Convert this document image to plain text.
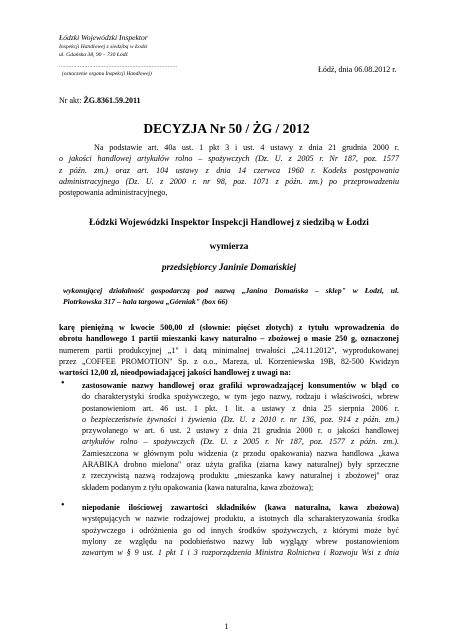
Łódzki Wojewódzki Inspektor
Inspekcji Handlowej z siedzibą w Łodzi
ul. Gdańska 38, 90 – 730 Łódź
..........................................................................
(oznaczenie organu Inspekcji Handlowej)	Łódź, dnia 06.08.2012 r.
Nr akt: ŻG.8361.59.2011
DECYZJA Nr 50 / ŻG / 2012
Na podstawie art. 40a ust. 1 pkt 3 i ust. 4 ustawy z dnia 21 grudnia 2000 r.
o jakości handlowej artykułów rolno – spożywczych (Dz. U. z 2005 r. Nr 187, poz. 1577
z późn. zm.) oraz art. 104 ustawy z dnia 14 czerwca 1960 r. Kodeks postępowania
administracyjnego (Dz. U. z 2000 r. nr 98, poz. 1071 z późn. zm.) po przeprowadzeniu
postępowania administracyjnego,
Łódzki Wojewódzki Inspektor Inspekcji Handlowej z siedzibą w Łodzi
wymierza
przedsiębiorcy Janinie Domańskiej
wykonującej działalność gospodarczą pod nazwą „Janina Domańska – sklep" w Łodzi, ul.
Piotrkowska 317 – hala targowa „Górniak" (box 66)
karę pieniężną w kwocie 500,00 zł (słownie: pięćset złotych) z tytułu wprowadzenia do
obrotu handlowego 1 partii mieszanki kawy naturalno – zbożowej o masie 250 g, oznaczonej
numerem partii produkcyjnej „1" i datą minimalnej trwałości „24.11.2012", wyprodukowanej
przez „COFFEE PROMOTION" Sp. z o.o., Mareza, ul. Korzeniewska 19B, 82-500 Kwidzyn
wartości 12,00 zł, nieodpowiadającej jakości handlowej z uwagi na:
• zastosowanie nazwy handlowej oraz grafiki wprowadzającej konsumentów w błąd co
do charakterystyki środka spożywczego, w tym jego nazwy, rodzaju i właściwości, wbrew
postanowieniom art. 46 ust. 1 pkt. 1 lit. a ustawy z dnia 25 sierpnia 2006 r.
o bezpieczeństwie żywności i żywienia (Dz. U. z 2010 r. nr 136, poz. 914 z późn. zm.)
przywołanego w art. 6 ust. 2 ustawy z dnia 21 grudnia 2000 r. o jakości handlowej
artykułów rolno – spożywczych (Dz. U. z 2005 r. Nr 187, poz. 1577 z późn. zm.).
Zamieszczona w głównym polu widzenia (z przodu opakowania) nazwa handlowa „kawa
ARABIKA drobno mielona" oraz użyta grafika (ziarna kawy naturalnej) były sprzeczne
z rzeczywistą nazwą rodzajową produktu „mieszanka kawy naturalnej i zbożowej" oraz
składem podanym z tyłu opakowania (kawa naturalna, kawa zbożowa);
• niepodanie ilościowej zawartości składników (kawa naturalna, kawa zbożowa)
występujących w nazwie rodzajowej produktu, a istotnych dla scharakteryzowania środka
spożywczego i odróżnienia go od innych środków spożywczych, z którymi może być
mylony ze względu na podobieństwo nazwy lub wygląду wbrew postanowieniom
zawartym w § 9 ust. 1 pkt 1 i 3 rozporządzenia Ministra Rolnictwa i Rozwoju Wsi z dnia
1
